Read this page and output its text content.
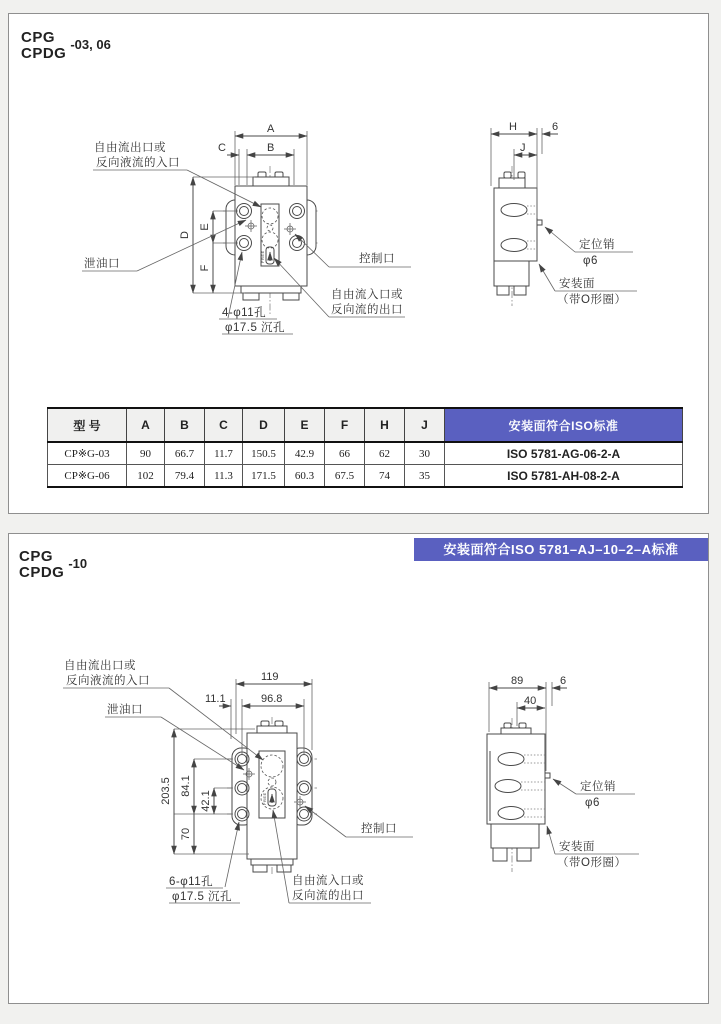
CPG
CPDG
-03, 06
FREE
A
B
C
D
E
F
自由流出口或
反向液流的入口
泄油口	控制口
自由流入口或
反向流的出口
4-φ11孔
φ17.5 沉孔
H	6
J
定位销
φ6
安装面
（带O形圈）
型 号	A	B	C	D	E	F	H	J	安装面符合ISO标准
CP※G-03	90	66.7	11.7	150.5	42.9	66	62	30	ISO 5781-AG-06-2-A
CP※G-06	102	79.4	11.3	171.5	60.3	67.5	74	35	ISO 5781-AH-08-2-A
安装面符合ISO 5781–AJ–10–2–A标准
CPG
CPDG
-10
FREE
119
11.1	96.8
203.5 84.1
42.1
70
自由流出口或
反向液流的入口
泄油口
控制口
自由流入口或
反向流的出口
6-φ11孔
φ17.5 沉孔
89	6
40
定位销
φ6
安装面
（带O形圈）
